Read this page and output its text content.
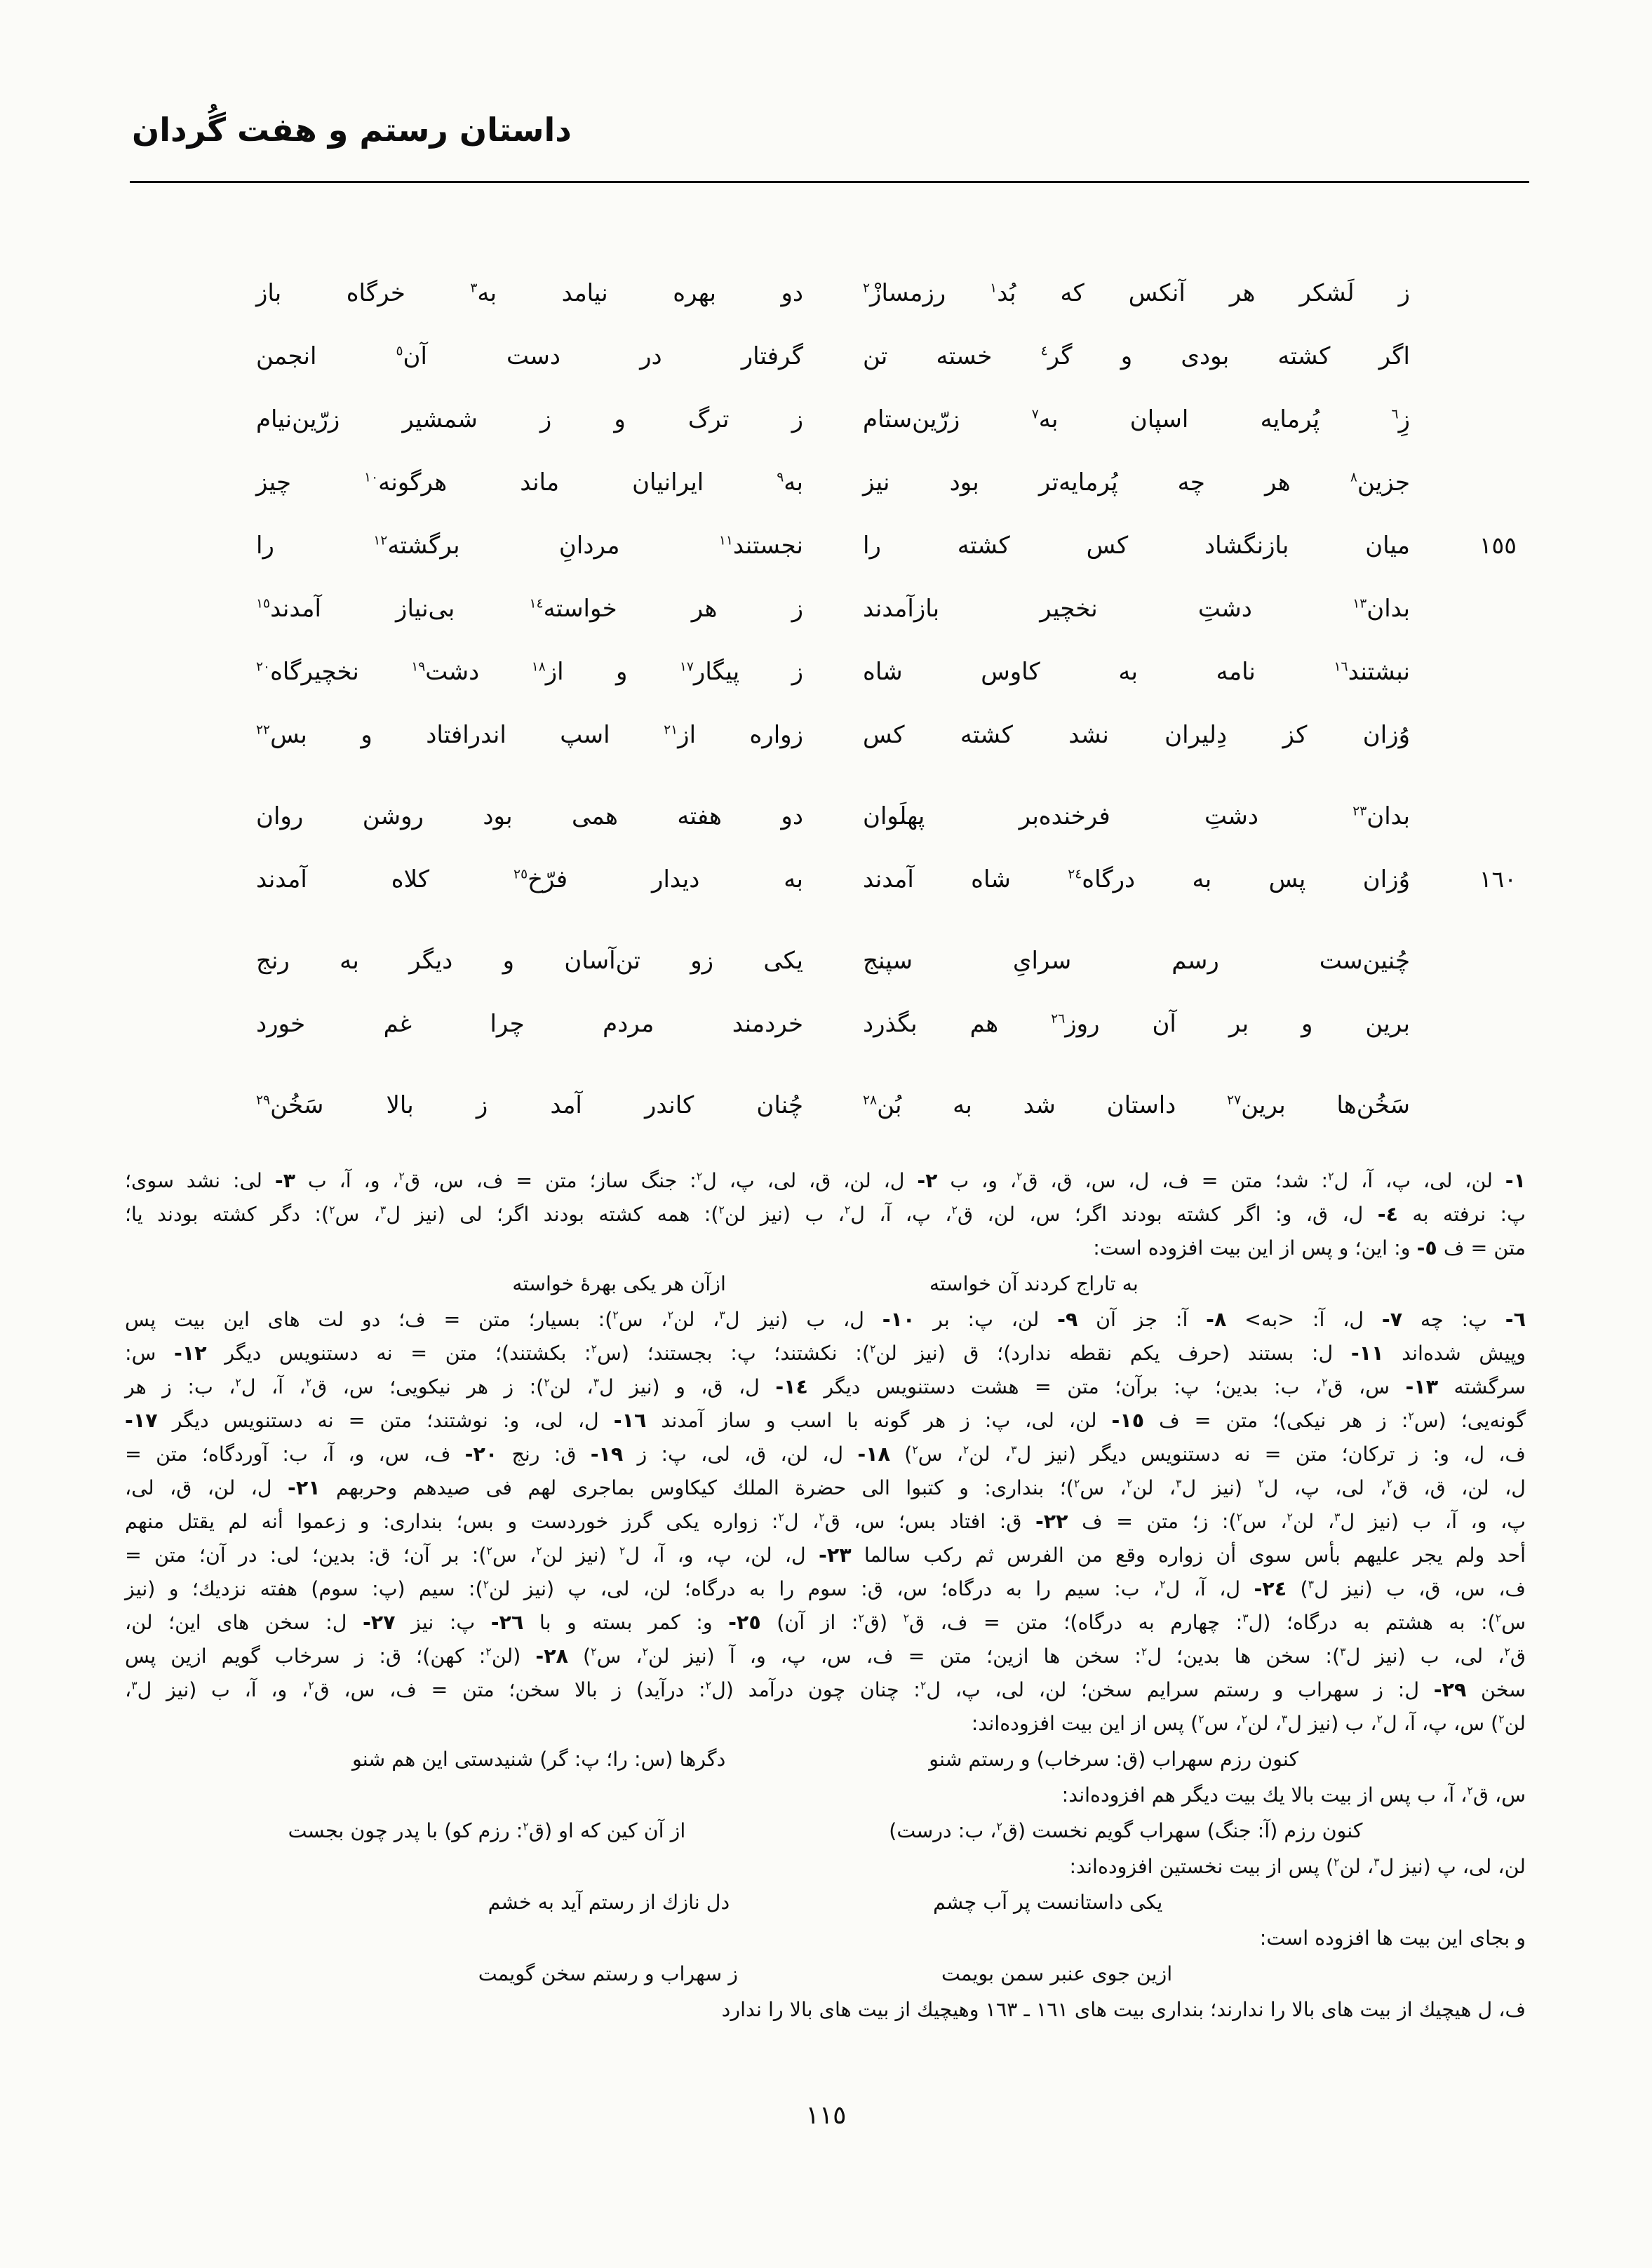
داستان رستم و هفت گُردان
ز لَشكر هر آنكس كه بُد$^١$ رزمسازْ$^٢$
دو بهره نيامد به$^٣$ خرگاه باز
اگر كشته بودى و گر$^٤$ خسته تن
گرفتار در دست آن$^٥$ انجمن
زِ$^٦$ پُرمايه اسپان به$^٧$ زرّين‌ستام
ز ترگ و ز شمشير زرّين‌نيام
جزين$^٨$ هر چه پُرمايه‌تر بود نيز
به$^٩$ ايرانيان ماند هرگونه$^{١٠}$ چيز
١٥٥
ميان بازنگشاد كس كشته را
نجستند$^{١١}$ مردانِ برگشته$^{١٢}$ را
بدان$^{١٣}$ دشتِ نخچير بازآمدند
ز هر خواسته$^{١٤}$ بى‌نياز آمدند$^{١٥}$
نبشتند$^{١٦}$ نامه به كاوس شاه
ز پيگار$^{١٧}$ و از$^{١٨}$ دشت$^{١٩}$ نخچيرگاه$^{٢٠}$
وُزان كز دِليران نشد كشته كس
زواره از$^{٢١}$ اسپ اندرافتاد و بس$^{٢٢}$
بدان$^{٢٣}$ دشتِ فرخنده‌بر پهلَوان
دو هفته همى بود روشن روان
١٦٠
وُزان پس به درگاه$^{٢٤}$ شاه آمدند
به ديدار فرّخ$^{٢٥}$ كلاه آمدند
چُنين‌ست رسم سراىِ سپنج
يكى زو تن‌آسان و ديگر به رنج
برين و بر آن روز$^{٢٦}$ هم بگذرد
خردمند مردم چرا غم خورد
سَخُن‌ها برين$^{٢٧}$ داستان شد به بُن$^{٢٨}$
چُنان كاندر آمد ز بالا سَخُن$^{٢٩}$
١- لن، لى، پ، آ، ل$^٢$: شد؛ متن = ف، ل، س، ق، ق$^٢$، و، ب ٢- ل، لن، ق، لى، پ، ل$^٢$: جنگ ساز؛ متن = ف، س، ق$^٢$، و، آ، ب ٣- لى: نشد سوى؛
پ: نرفته به ٤- ل، ق، و: اگر كشته بودند اگر؛ س، لن، ق$^٢$، پ، آ، ل$^٢$، ب (نيز لن$^٢$): همه كشته بودند اگر؛ لى (نيز ل$^٣$، س$^٢$): دگر كشته بودند يا؛
متن = ف ٥- و: اين؛ و پس از اين بيت افزوده است:
به تاراج كردند آن خواسته
ازآن هر يكى بهرهٔ خواسته
٦- پ: چه ٧- ل، آ: <به> ٨- آ: جز آن ٩- لن، پ: بر ١٠- ل، ب (نيز ل$^٣$، لن$^٢$، س$^٢$): بسيار؛ متن = ف؛ دو لت هاى اين بيت پس
وپيش شده‌اند ١١- ل: بستند (حرف يكم نقطه ندارد)؛ ق (نيز لن$^٢$): نكشتند؛ پ: بجستند؛ (س$^٢$: بكشتند)؛ متن = نه دستنويس ديگر ١٢- س:
سرگشته ١٣- س، ق$^٢$، ب: بدين؛ پ: برآن؛ متن = هشت دستنويس ديگر ١٤- ل، ق، و (نيز ل$^٣$، لن$^٢$): ز هر نيكويى؛ س، ق$^٢$، آ، ل$^٢$، ب: ز هر
گونه‌يى؛ (س$^٢$: ز هر نيكى)؛ متن = ف ١٥- لن، لى، پ: ز هر گونه با اسب و ساز آمدند ١٦- ل، لى، و: نوشتند؛ متن = نه دستنويس ديگر ١٧-
ف، ل، و: ز تركان؛ متن = نه دستنويس ديگر (نيز ل$^٣$، لن$^٢$، س$^٢$) ١٨- ل، لن، ق، لى، پ: ز ١٩- ق: رنج ٢٠- ف، س، و، آ، ب: آوردگاه؛ متن =
ل، لن، ق، ق$^٢$، لى، پ، ل$^٢$ (نيز ل$^٣$، لن$^٢$، س$^٢$)؛ بندارى: و كتبوا الى حضرة الملك كيكاوس بماجرى لهم فى صيدهم وحربهم ٢١- ل، لن، ق، لى،
پ، و، آ، ب (نيز ل$^٣$، لن$^٢$، س$^٢$): ز؛ متن = ف ٢٢- ق: افتاد بس؛ س، ق$^٢$، ل$^٢$: زواره يكى گرز خوردست و بس؛ بندارى: و زعموا أنه لم يقتل منهم
أحد ولم يجر عليهم بأس سوى أن زواره وقع من الفرس ثم ركب سالما ٢٣- ل، لن، پ، و، آ، ل$^٢$ (نيز لن$^٢$، س$^٢$): بر آن؛ ق: بدين؛ لى: در آن؛ متن =
ف، س، ق، ب (نيز ل$^٣$) ٢٤- ل، آ، ل$^٢$، ب: سيم را به درگاه؛ س، ق: سوم را به درگاه؛ لن، لى، پ (نيز لن$^٢$): سيم (پ: سوم) هفته نزديك؛ و (نيز
س$^٢$): به هشتم به درگاه؛ (ل$^٣$: چهارم به درگاه)؛ متن = ف، ق$^٢$ (ق$^٢$: از آن) ٢٥- و: كمر بسته و با ٢٦- پ: نيز ٢٧- ل: سخن هاى اين؛ لن،
ق$^٢$، لى، ب (نيز ل$^٣$): سخن ها بدين؛ ل$^٢$: سخن ها ازين؛ متن = ف، س، پ، و، آ (نيز لن$^٢$، س$^٢$) ٢٨- (لن$^٢$: كهن)؛ ق: ز سرخاب گويم ازين پس
سخن ٢٩- ل: ز سهراب و رستم سرايم سخن؛ لن، لى، پ، ل$^٢$: چنان چون درآمد (ل$^٢$: درآيد) ز بالا سخن؛ متن = ف، س، ق$^٢$، و، آ، ب (نيز ل$^٣$،
لن$^٢$) س، پ، آ، ل$^٢$، ب (نيز ل$^٣$، لن$^٢$، س$^٢$) پس از اين بيت افزوده‌اند:
كنون رزم سهراب (ق: سرخاب) و رستم شنو
دگرها (س: را؛ پ: گر) شنيدستى اين هم شنو
س، ق$^٢$، آ، ب پس از بيت بالا يك بيت ديگر هم افزوده‌اند:
كنون رزم (آ: جنگ) سهراب گويم نخست (ق$^٢$، ب: درست)
از آن كين كه او (ق$^٢$: رزم كو) با پدر چون بجست
لن، لى، پ (نيز ل$^٣$، لن$^٢$) پس از بيت نخستين افزوده‌اند:
يكى داستانست پر آب چشم
دل نازك از رستم آيد به خشم
و بجاى اين بيت ها افزوده است:
ازين جوى عنبر سمن بويمت
ز سهراب و رستم سخن گويمت
ف، ل هيچيك از بيت هاى بالا را ندارند؛ بندارى بيت هاى ١٦١ ـ ١٦٣ وهيچيك از بيت هاى بالا را ندارد
١١٥
